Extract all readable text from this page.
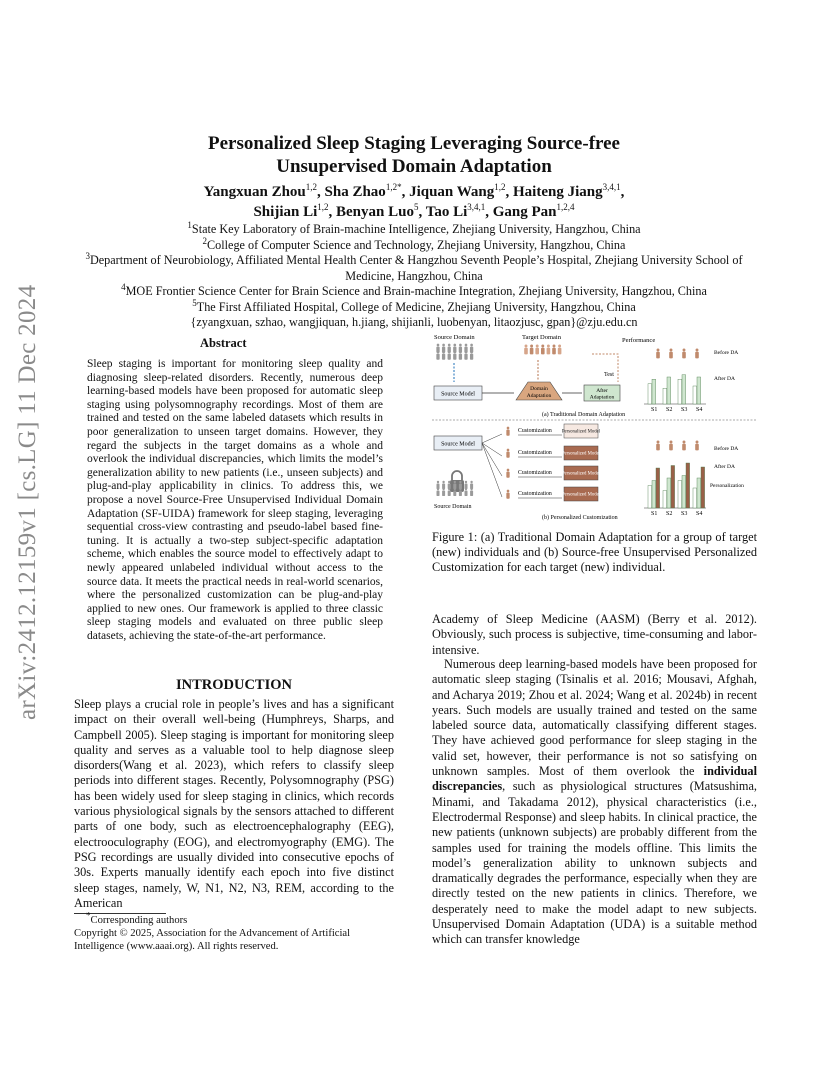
arXiv:2412.12159v1 [cs.LG] 11 Dec 2024
Personalized Sleep Staging Leveraging Source-free
Unsupervised Domain Adaptation
Yangxuan Zhou$^{1,2}$, Sha Zhao$^{1,2*}$, Jiquan Wang$^{1,2}$, Haiteng Jiang$^{3,4,1}$,
Shijian Li$^{1,2}$, Benyan Luo$^5$, Tao Li$^{3,4,1}$, Gang Pan$^{1,2,4}$
$^1$State Key Laboratory of Brain-machine Intelligence, Zhejiang University, Hangzhou, China
$^2$College of Computer Science and Technology, Zhejiang University, Hangzhou, China
$^3$Department of Neurobiology, Affiliated Mental Health Center & Hangzhou Seventh People’s Hospital, Zhejiang University School of Medicine, Hangzhou, China
$^4$MOE Frontier Science Center for Brain Science and Brain-machine Integration, Zhejiang University, Hangzhou, China
$^5$The First Affiliated Hospital, College of Medicine, Zhejiang University, Hangzhou, China
{zyangxuan, szhao, wangjiquan, h.jiang, shijianli, luobenyan, litaozjusc, gpan}@zju.edu.cn
Abstract
Sleep staging is important for monitoring sleep quality and diagnosing sleep-related disorders. Recently, numerous deep learning-based models have been proposed for automatic sleep staging using polysomnography recordings. Most of them are trained and tested on the same labeled datasets which results in poor generalization to unseen target domains. However, they regard the subjects in the target domains as a whole and overlook the individual discrepancies, which limits the model’s generalization ability to new patients (i.e., unseen subjects) and plug-and-play applicability in clinics. To address this, we propose a novel Source-Free Unsupervised Individual Domain Adaptation (SF-UIDA) framework for sleep staging, leveraging sequential cross-view contrasting and pseudo-label based fine-tuning. It is actually a two-step subject-specific adaptation scheme, which enables the source model to effectively adapt to newly appeared unlabeled individual without access to the source data. It meets the practical needs in real-world scenarios, where the personalized customization can be plug-and-play applied to new ones. Our framework is applied to three classic sleep staging models and evaluated on three public sleep datasets, achieving the state-of-the-art performance.
INTRODUCTION
Sleep plays a crucial role in people’s lives and has a significant impact on their overall well-being (Humphreys, Sharps, and Campbell 2005). Sleep staging is important for monitoring sleep quality and serves as a valuable tool to help diagnose sleep disorders(Wang et al. 2023), which refers to classify sleep periods into different stages. Recently, Polysomnography (PSG) has been widely used for sleep staging in clinics, which records various physiological signals by the sensors attached to different parts of one body, such as electroencephalography (EEG), electrooculography (EOG), and electromyography (EMG). The PSG recordings are usually divided into consecutive epochs of 30s. Experts manually identify each epoch into five distinct sleep stages, namely, W, N1, N2, N3, REM, according to the American
*Corresponding authors
Copyright © 2025, Association for the Advancement of Artificial Intelligence (www.aaai.org). All rights reserved.
Source Domain	Target Domain	Performance
Source Model
Domain Adaptation
After Adaptation
Test
S1 S2 S3 S4
Before DA
After DA
(a) Traditional Domain Adaptation
Source Model
Source Domain
Customization Personalized Model
Customization Personalized Model
Customization Personalized Model
Customization Personalized Model
S1 S2 S3 S4
Before DA
After DA
Personalization
(b) Personalized Customization
Figure 1: (a) Traditional Domain Adaptation for a group of target (new) individuals and (b) Source-free Unsupervised Personalized Customization for each target (new) individual.
Academy of Sleep Medicine (AASM) (Berry et al. 2012). Obviously, such process is subjective, time-consuming and labor-intensive.
Numerous deep learning-based models have been proposed for automatic sleep staging (Tsinalis et al. 2016; Mousavi, Afghah, and Acharya 2019; Zhou et al. 2024; Wang et al. 2024b) in recent years. Such models are usually trained and tested on the same labeled source data, automatically classifying different stages. They have achieved good performance for sleep staging in the valid set, however, their performance is not so satisfying on unknown samples. Most of them overlook the individual discrepancies, such as physiological structures (Matsushima, Minami, and Takadama 2012), physical characteristics (i.e., Electrodermal Response) and sleep habits. In clinical practice, the new patients (unknown subjects) are probably different from the samples used for training the models offline. This limits the model’s generalization ability to unknown subjects and dramatically degrades the performance, especially when they are directly tested on the new patients in clinics. Therefore, we desperately need to make the model adapt to new subjects. Unsupervised Domain Adaptation (UDA) is a suitable method which can transfer knowledge
